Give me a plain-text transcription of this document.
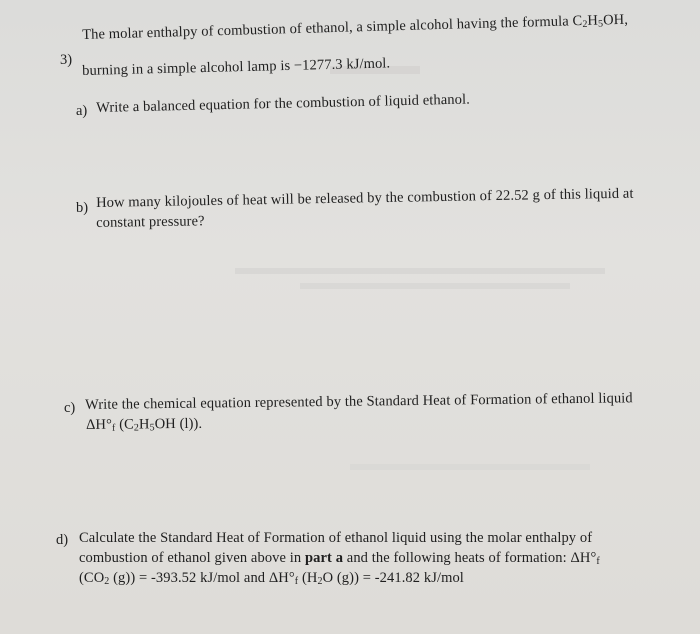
3)
The molar enthalpy of combustion of ethanol, a simple alcohol having the formula $C_2H_5OH$,
burning in a simple alcohol lamp is −1277.3 kJ/mol.
a) Write a balanced equation for the combustion of liquid ethanol.
b) How many kilojoules of heat will be released by the combustion of 22.52 g of this liquid at
constant pressure?
c) Write the chemical equation represented by the Standard Heat of Formation of ethanol liquid
$\Delta H^\circ_f$ ($C_2H_5OH$ (l)).
d) Calculate the Standard Heat of Formation of ethanol liquid using the molar enthalpy of
combustion of ethanol given above in part a and the following heats of formation: $\Delta H^\circ_f$
($CO_2$ (g)) = -393.52 kJ/mol and $\Delta H^\circ_f$ ($H_2O$ (g)) = -241.82 kJ/mol
